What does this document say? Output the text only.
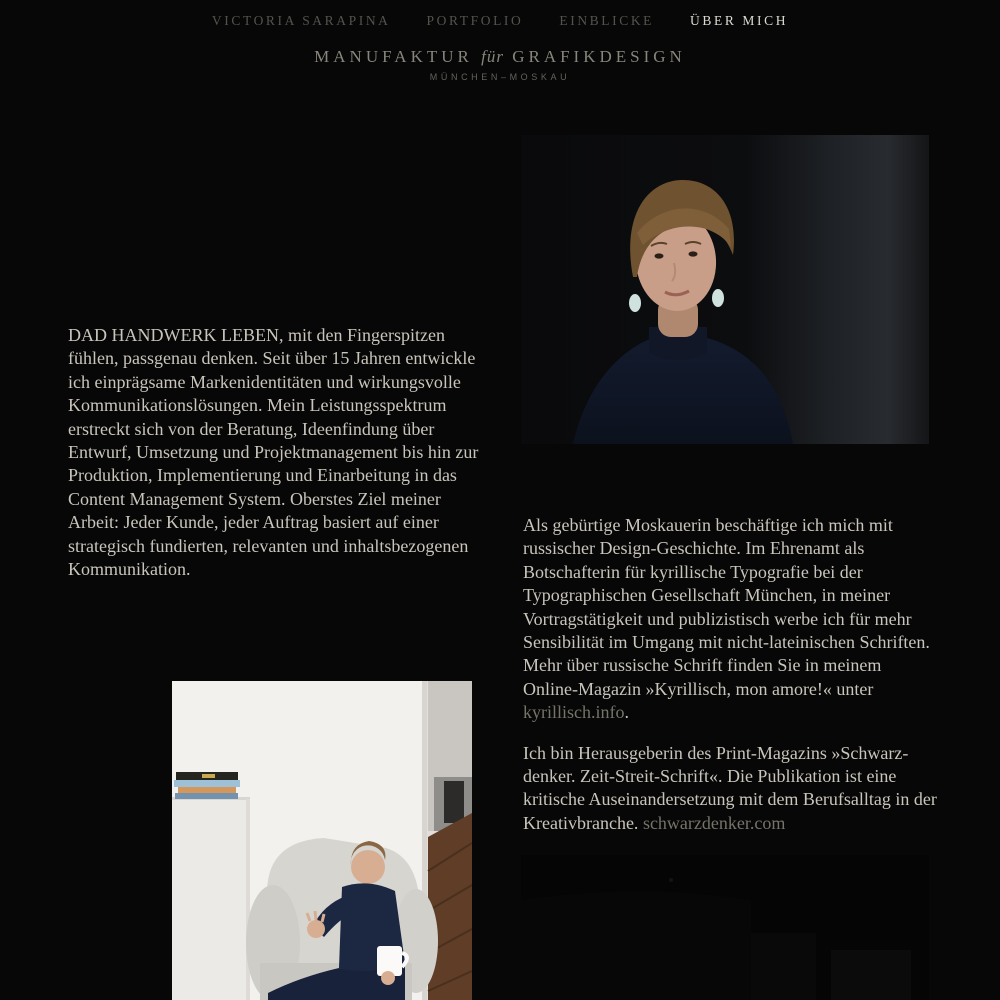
VICTORIA SARAPINA	PORTFOLIO	EINBLICKE	ÜBER MICH
MANUFAKTUR für GRAFIKDESIGN
MÜNCHEN–MOSKAU

DAD HANDWERK LEBEN, mit den Fingerspitzen fühlen, passgenau denken. Seit über 15 Jahren entwickle ich einprägsame Markenidentitäten und wirkungsvolle Kommunikationslösungen. Mein Leistungsspektrum erstreckt sich von der Beratung, Ideenfindung über Entwurf, Umsetzung und Projektmanagement bis hin zur Produktion, Implementierung und Einarbeitung in das Content Management System. Oberstes Ziel meiner Arbeit: Jeder Kunde, jeder Auftrag basiert auf einer strategisch fundierten, relevanten und inhaltsbezogenen Kommunikation.

Als gebürtige Moskauerin beschäftige ich mich mit russischer Design-Geschichte. Im Ehrenamt als Botschafterin für kyrillische Typografie bei der Typographischen Gesellschaft München, in meiner Vortragstätigkeit und publizistisch werbe ich für mehr Sensibilität im Umgang mit nicht-lateinischen Schriften. Mehr über russische Schrift finden Sie in meinem Online-Magazin »Kyrillisch, mon amore!« unter kyrillisch.info.

Ich bin Herausgeberin des Print-Magazins »Schwarzdenker. Zeit-Streit-Schrift«. Die Publikation ist eine kritische Auseinandersetzung mit dem Berufsalltag in der Kreativbranche. schwarzdenker.com
